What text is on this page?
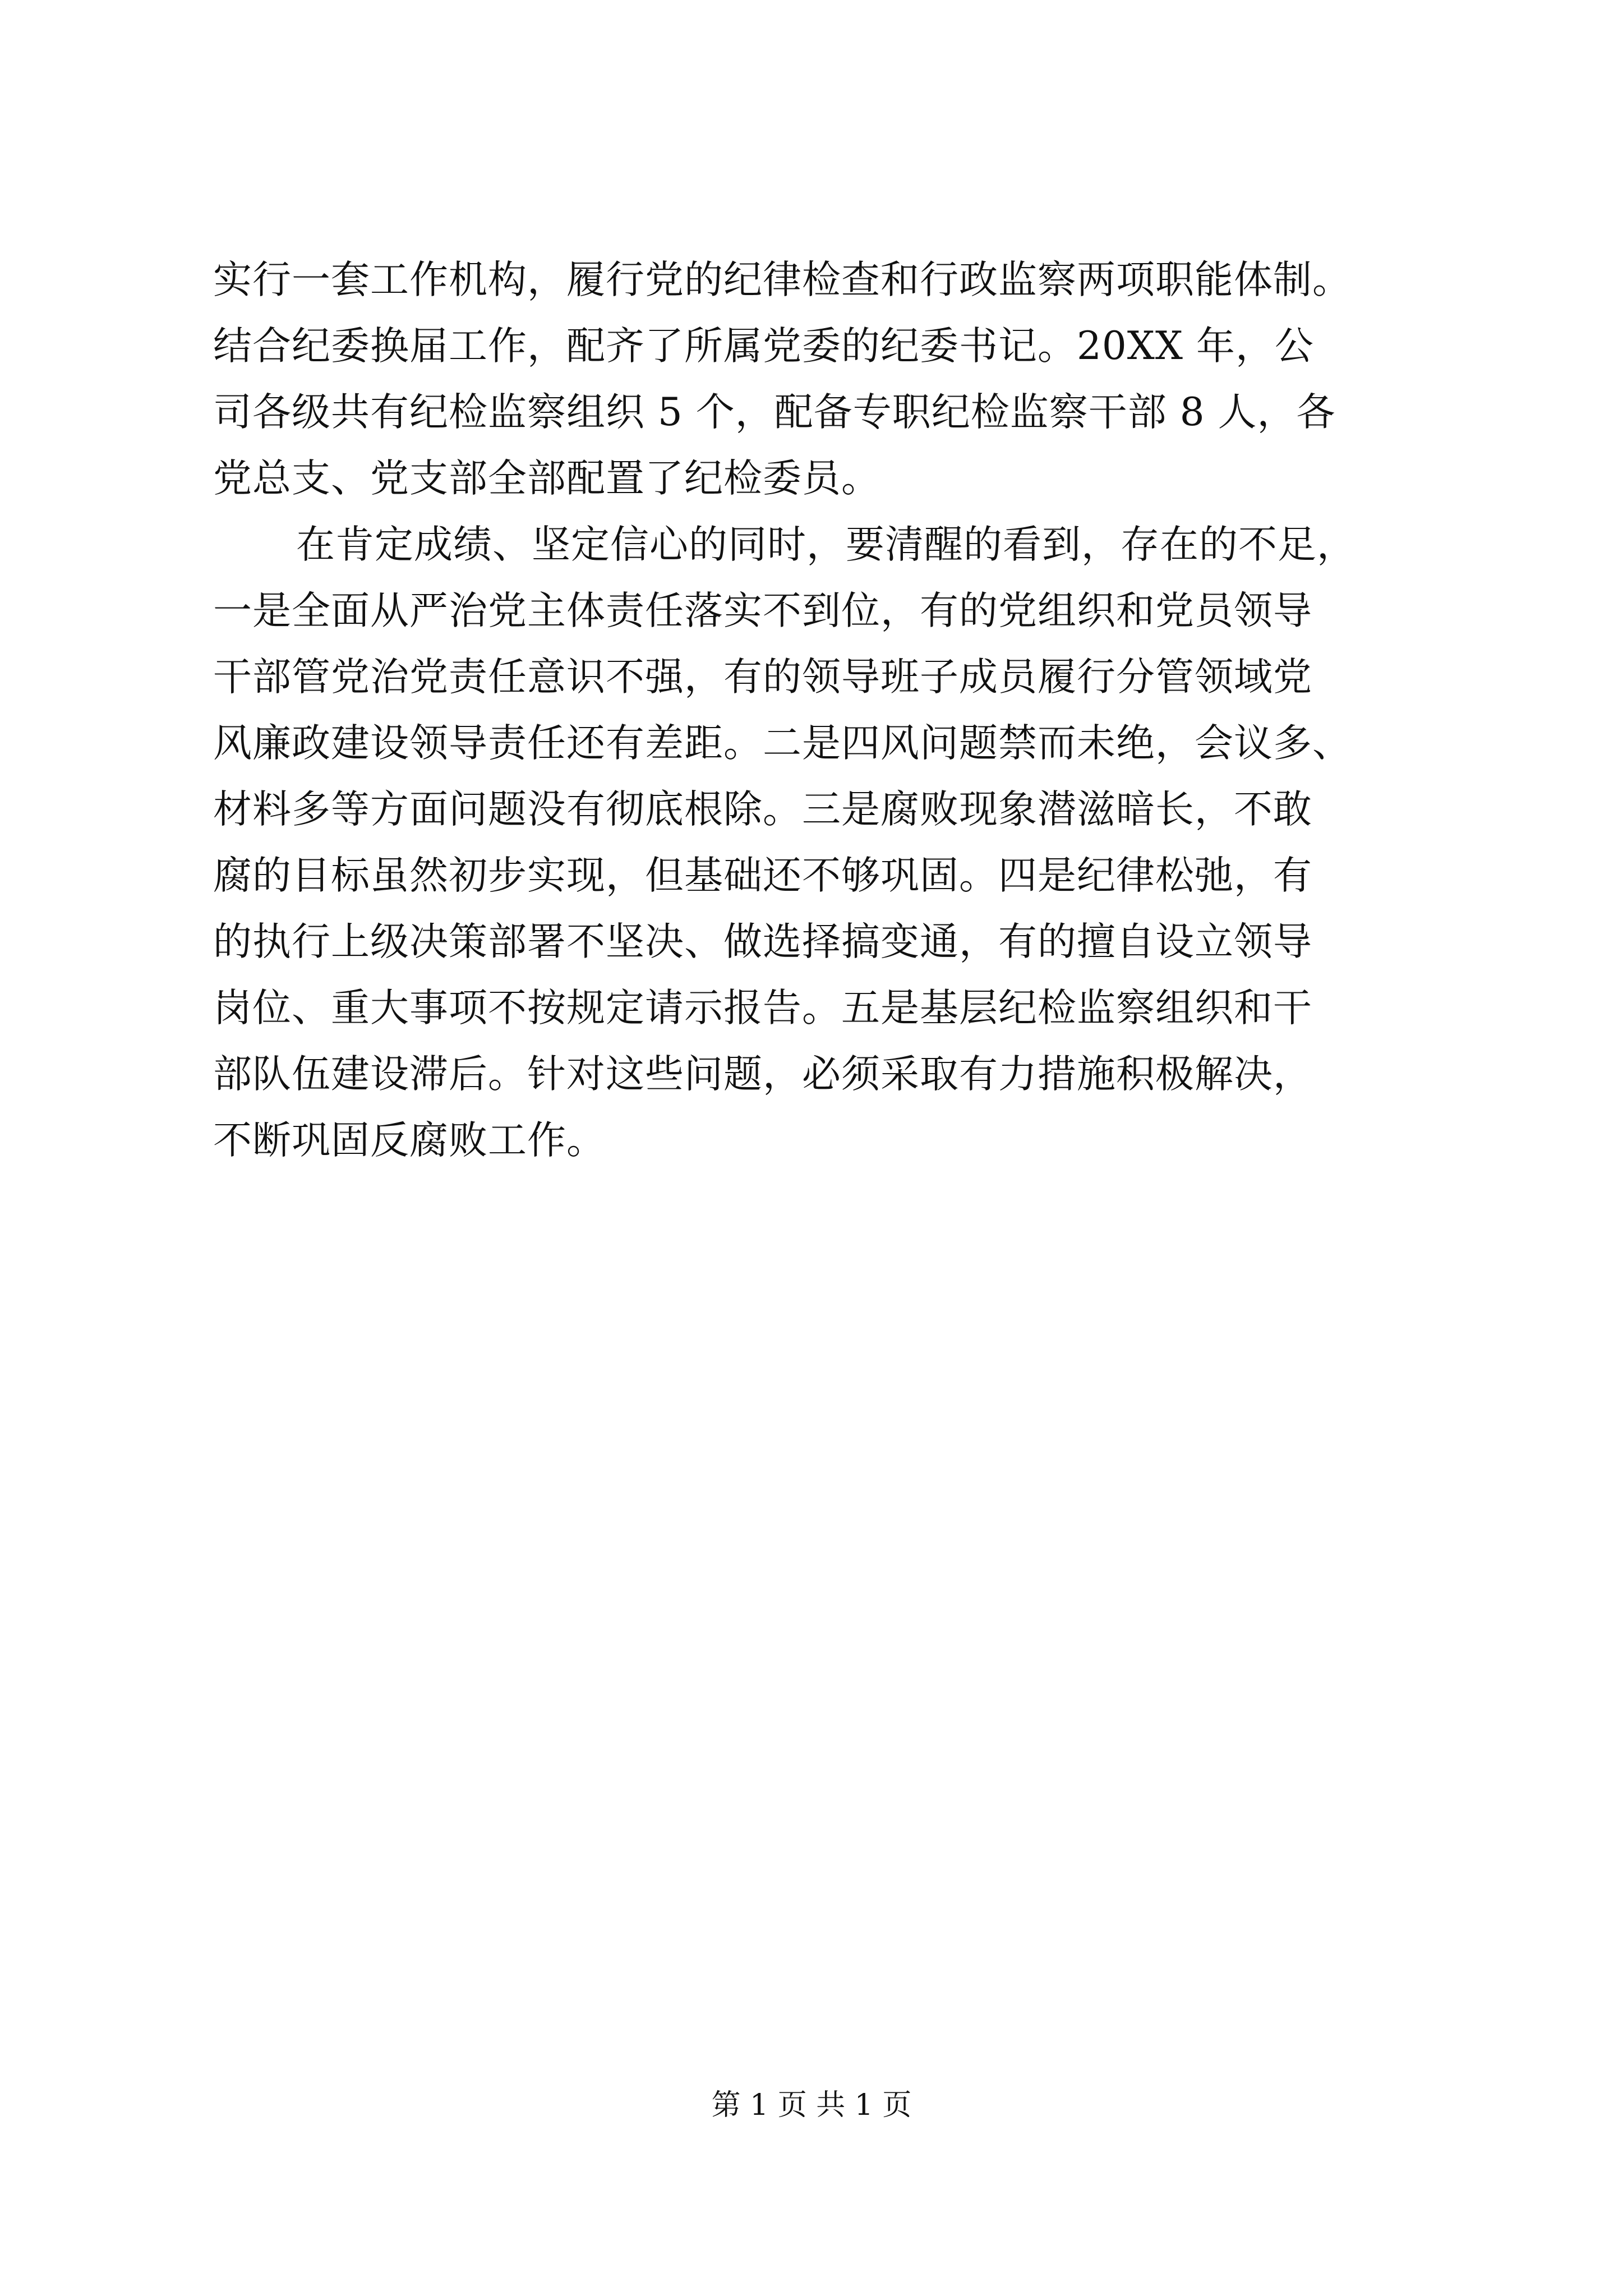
实行一套工作机构，履行党的纪律检查和行政监察两项职能体制。
结合纪委换届工作，配齐了所属党委的纪委书记。20XX 年，公
司各级共有纪检监察组织 5 个，配备专职纪检监察干部 8 人，各
党总支、党支部全部配置了纪检委员。
在肯定成绩、坚定信心的同时，要清醒的看到，存在的不足，
一是全面从严治党主体责任落实不到位，有的党组织和党员领导
干部管党治党责任意识不强，有的领导班子成员履行分管领域党
风廉政建设领导责任还有差距。二是四风问题禁而未绝，会议多、
材料多等方面问题没有彻底根除。三是腐败现象潜滋暗长，不敢
腐的目标虽然初步实现，但基础还不够巩固。四是纪律松弛，有
的执行上级决策部署不坚决、做选择搞变通，有的擅自设立领导
岗位、重大事项不按规定请示报告。五是基层纪检监察组织和干
部队伍建设滞后。针对这些问题，必须采取有力措施积极解决，
不断巩固反腐败工作。
第 1 页 共 1 页
